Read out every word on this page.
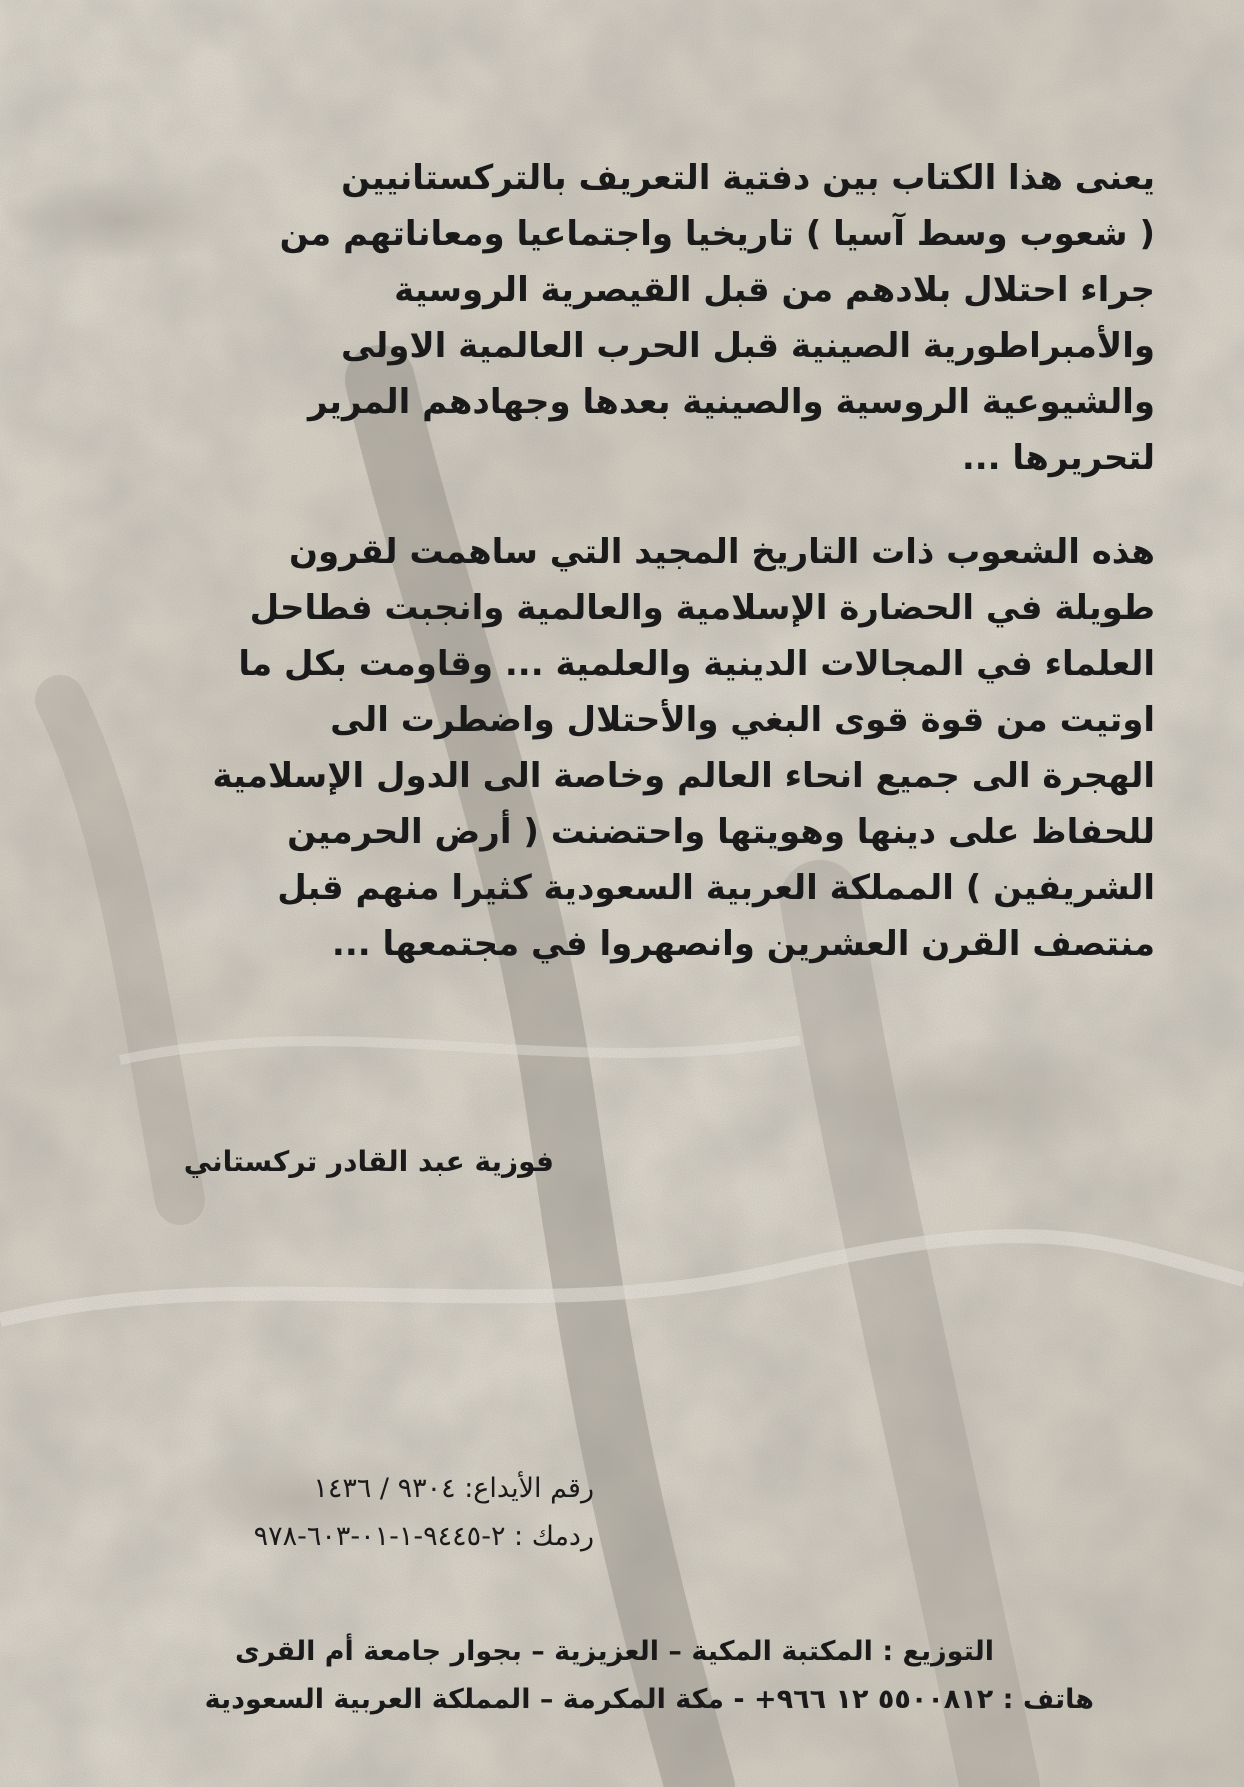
يعنى هذا الكتاب بين دفتية التعريف بالتركستانيين
( شعوب وسط آسيا ) تاريخيا واجتماعيا ومعاناتهم من
جراء احتلال بلادهم من قبل القيصرية الروسية
والأمبراطورية الصينية قبل الحرب العالمية الاولى
والشيوعية الروسية والصينية بعدها وجهادهم المرير
لتحريرها ...

هذه الشعوب ذات التاريخ المجيد التي ساهمت لقرون
طويلة في الحضارة الإسلامية والعالمية وانجبت فطاحل
العلماء في المجالات الدينية والعلمية ... وقاومت بكل ما
اوتيت من قوة قوى البغي والأحتلال واضطرت الى
الهجرة الى جميع انحاء العالم وخاصة الى الدول الإسلامية
للحفاظ على دينها وهويتها واحتضنت ( أرض الحرمين
الشريفين ) المملكة العربية السعودية كثيرا منهم قبل
منتصف القرن العشرين وانصهروا في مجتمعها ...

فوزية عبد القادر تركستاني
رقم الأيداع: ٩٣٠٤ / ١٤٣٦
ردمك : ٢-٩٤٤٥-١-٠١-٦٠٣-٩٧٨
التوزيع : المكتبة المكية – العزيزية – بجوار جامعة أم القرى
هاتف : ٥٥٠٠٨١٢ ١٢ ٩٦٦+ - مكة المكرمة – المملكة العربية السعودية
